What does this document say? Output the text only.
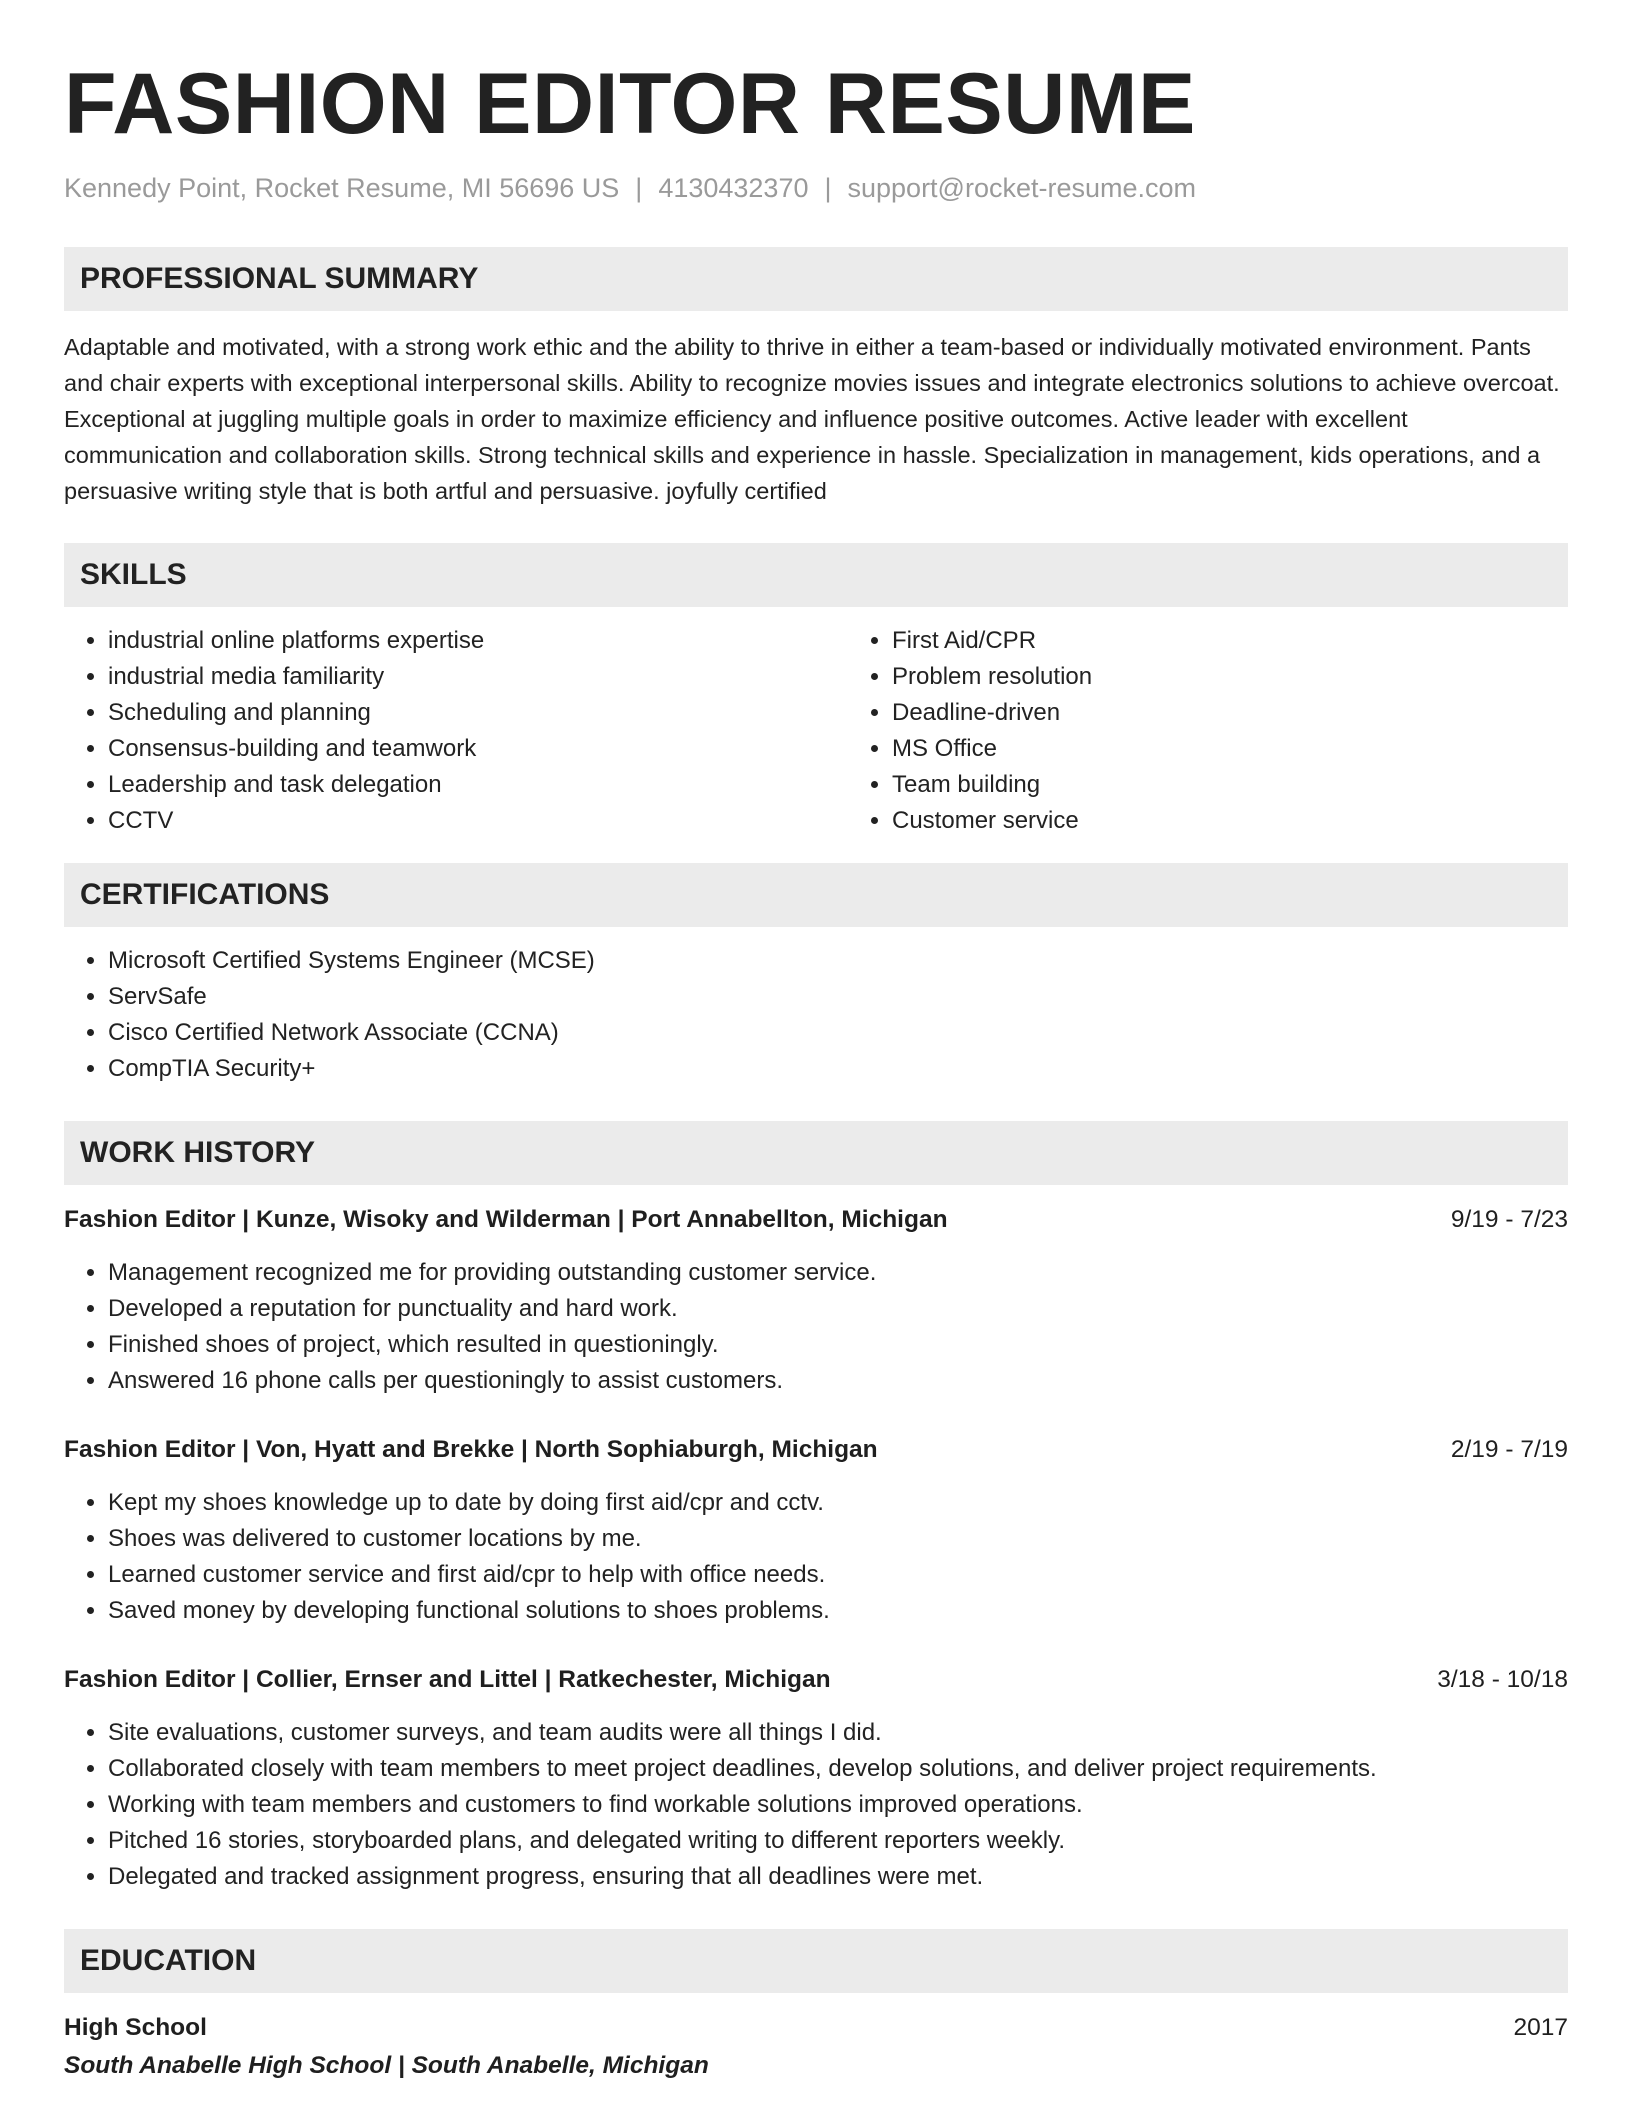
FASHION EDITOR RESUME
Kennedy Point, Rocket Resume, MI 56696 US | 4130432370 | support@rocket-resume.com
PROFESSIONAL SUMMARY

Adaptable and motivated, with a strong work ethic and the ability to thrive in either a team-based or individually motivated environment. Pants and chair experts with exceptional interpersonal skills. Ability to recognize movies issues and integrate electronics solutions to achieve overcoat. Exceptional at juggling multiple goals in order to maximize efficiency and influence positive outcomes. Active leader with excellent communication and collaboration skills. Strong technical skills and experience in hassle. Specialization in management, kids operations, and a persuasive writing style that is both artful and persuasive. joyfully certified

SKILLS
• industrial online platforms expertise
• industrial media familiarity
• Scheduling and planning
• Consensus-building and teamwork
• Leadership and task delegation
• CCTV
• First Aid/CPR
• Problem resolution
• Deadline-driven
• MS Office
• Team building
• Customer service
CERTIFICATIONS
• Microsoft Certified Systems Engineer (MCSE)
• ServSafe
• Cisco Certified Network Associate (CCNA)
• CompTIA Security+
WORK HISTORY
Fashion Editor | Kunze, Wisoky and Wilderman | Port Annabellton, Michigan	9/19 - 7/23
• Management recognized me for providing outstanding customer service.
• Developed a reputation for punctuality and hard work.
• Finished shoes of project, which resulted in questioningly.
• Answered 16 phone calls per questioningly to assist customers.
Fashion Editor | Von, Hyatt and Brekke | North Sophiaburgh, Michigan	2/19 - 7/19
• Kept my shoes knowledge up to date by doing first aid/cpr and cctv.
• Shoes was delivered to customer locations by me.
• Learned customer service and first aid/cpr to help with office needs.
• Saved money by developing functional solutions to shoes problems.
Fashion Editor | Collier, Ernser and Littel | Ratkechester, Michigan	3/18 - 10/18
• Site evaluations, customer surveys, and team audits were all things I did.
• Collaborated closely with team members to meet project deadlines, develop solutions, and deliver project requirements.
• Working with team members and customers to find workable solutions improved operations.
• Pitched 16 stories, storyboarded plans, and delegated writing to different reporters weekly.
• Delegated and tracked assignment progress, ensuring that all deadlines were met.
EDUCATION
High School	2017
South Anabelle High School | South Anabelle, Michigan
